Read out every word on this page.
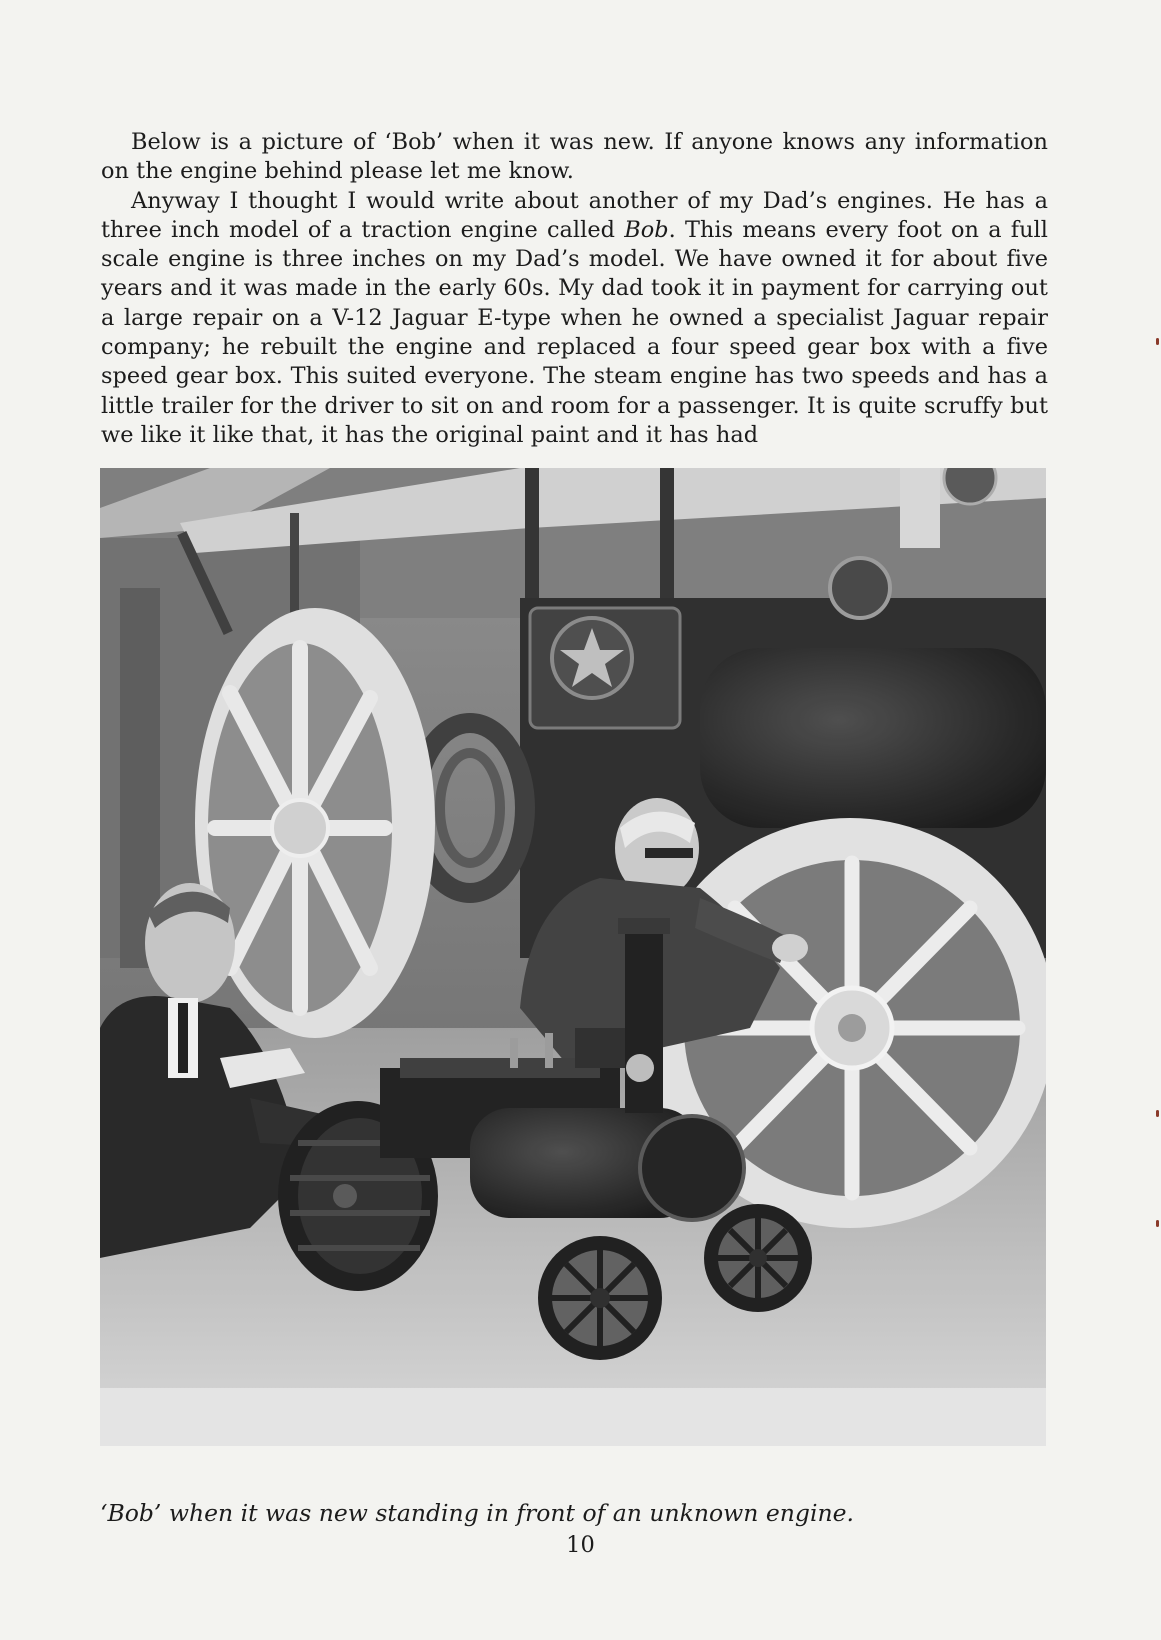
Below is a picture of ‘Bob’ when it was new. If anyone knows any information on the engine behind please let me know.

Anyway I thought I would write about another of my Dad’s engines. He has a three inch model of a traction engine called Bob. This means every foot on a full scale engine is three inches on my Dad’s model. We have owned it for about five years and it was made in the early 60s. My dad took it in payment for carrying out a large repair on a V-12 Jaguar E-type when he owned a specialist Jaguar repair company; he rebuilt the engine and replaced a four speed gear box with a five speed gear box. This suited everyone. The steam engine has two speeds and has a little trailer for the driver to sit on and room for a passenger. It is quite scruffy but we like it like that, it has the original paint and it has had

‘Bob’ when it was new standing in front of an unknown engine.
10
